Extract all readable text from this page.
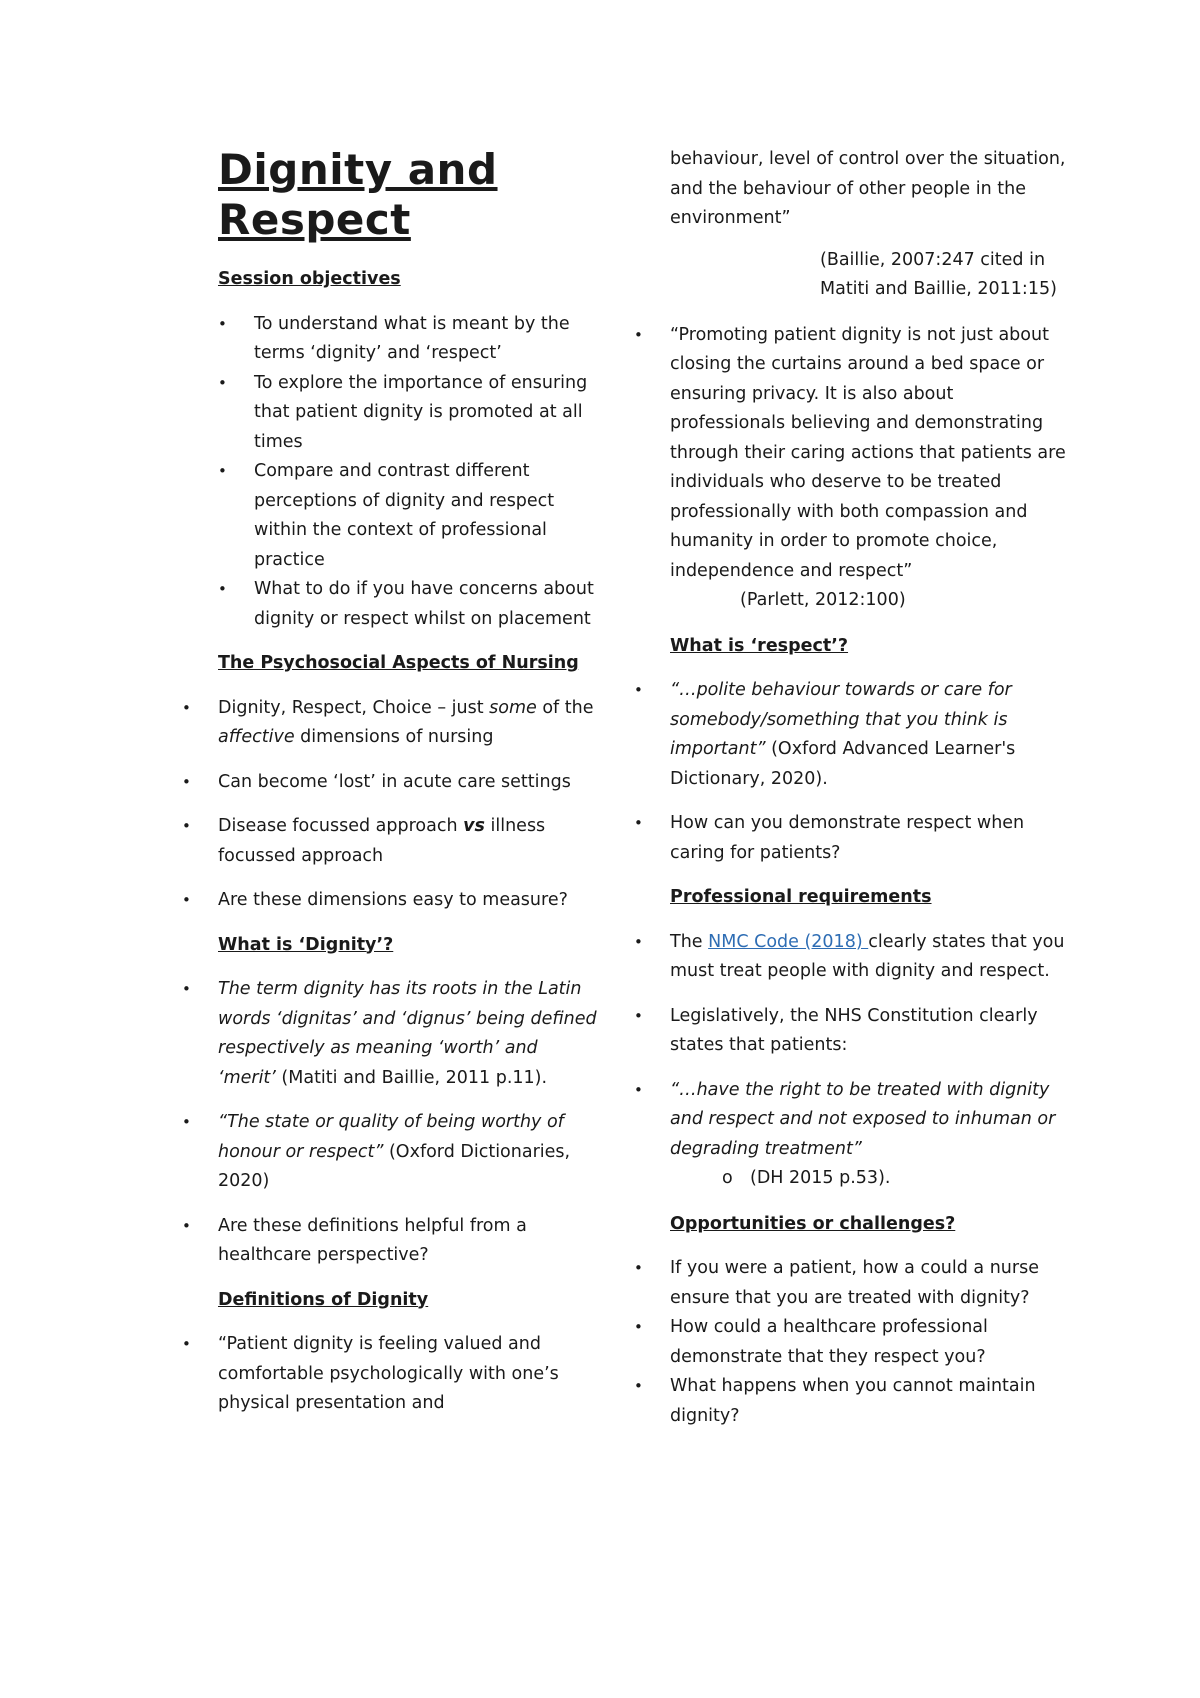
Dignity and Respect
Session objectives
• To understand what is meant by the terms ‘dignity’ and ‘respect’
• To explore the importance of ensuring that patient dignity is promoted at all times
• Compare and contrast different perceptions of dignity and respect within the context of professional practice
• What to do if you have concerns about dignity or respect whilst on placement
The Psychosocial Aspects of Nursing
• Dignity, Respect, Choice – just some of the affective dimensions of nursing
• Can become ‘lost’ in acute care settings
• Disease focussed approach vs illness focussed approach
• Are these dimensions easy to measure?
What is ‘Dignity’?
• The term dignity has its roots in the Latin words ‘dignitas’ and ‘dignus’ being defined respectively as meaning ‘worth’ and ‘merit’ (Matiti and Baillie, 2011 p.11).
• “The state or quality of being worthy of honour or respect” (Oxford Dictionaries, 2020)
• Are these definitions helpful from a healthcare perspective?
Definitions of Dignity
• “Patient dignity is feeling valued and comfortable psychologically with one’s physical presentation and
behaviour, level of control over the situation, and the behaviour of other people in the environment”
(Baillie, 2007:247 cited in Matiti and Baillie, 2011:15)
• “Promoting patient dignity is not just about closing the curtains around a bed space or ensuring privacy. It is also about professionals believing and demonstrating through their caring actions that patients are individuals who deserve to be treated professionally with both compassion and humanity in order to promote choice, independence and respect”
(Parlett, 2012:100)
What is ‘respect’?
• “…polite behaviour towards or care for somebody/something that you think is important” (Oxford Advanced Learner's Dictionary, 2020).
• How can you demonstrate respect when caring for patients?
Professional requirements
• The NMC Code (2018) clearly states that you must treat people with dignity and respect.
• Legislatively, the NHS Constitution clearly states that patients:
• “…have the right to be treated with dignity and respect and not exposed to inhuman or degrading treatment”
o (DH 2015 p.53).
Opportunities or challenges?
• If you were a patient, how a could a nurse ensure that you are treated with dignity?
• How could a healthcare professional demonstrate that they respect you?
• What happens when you cannot maintain dignity?
